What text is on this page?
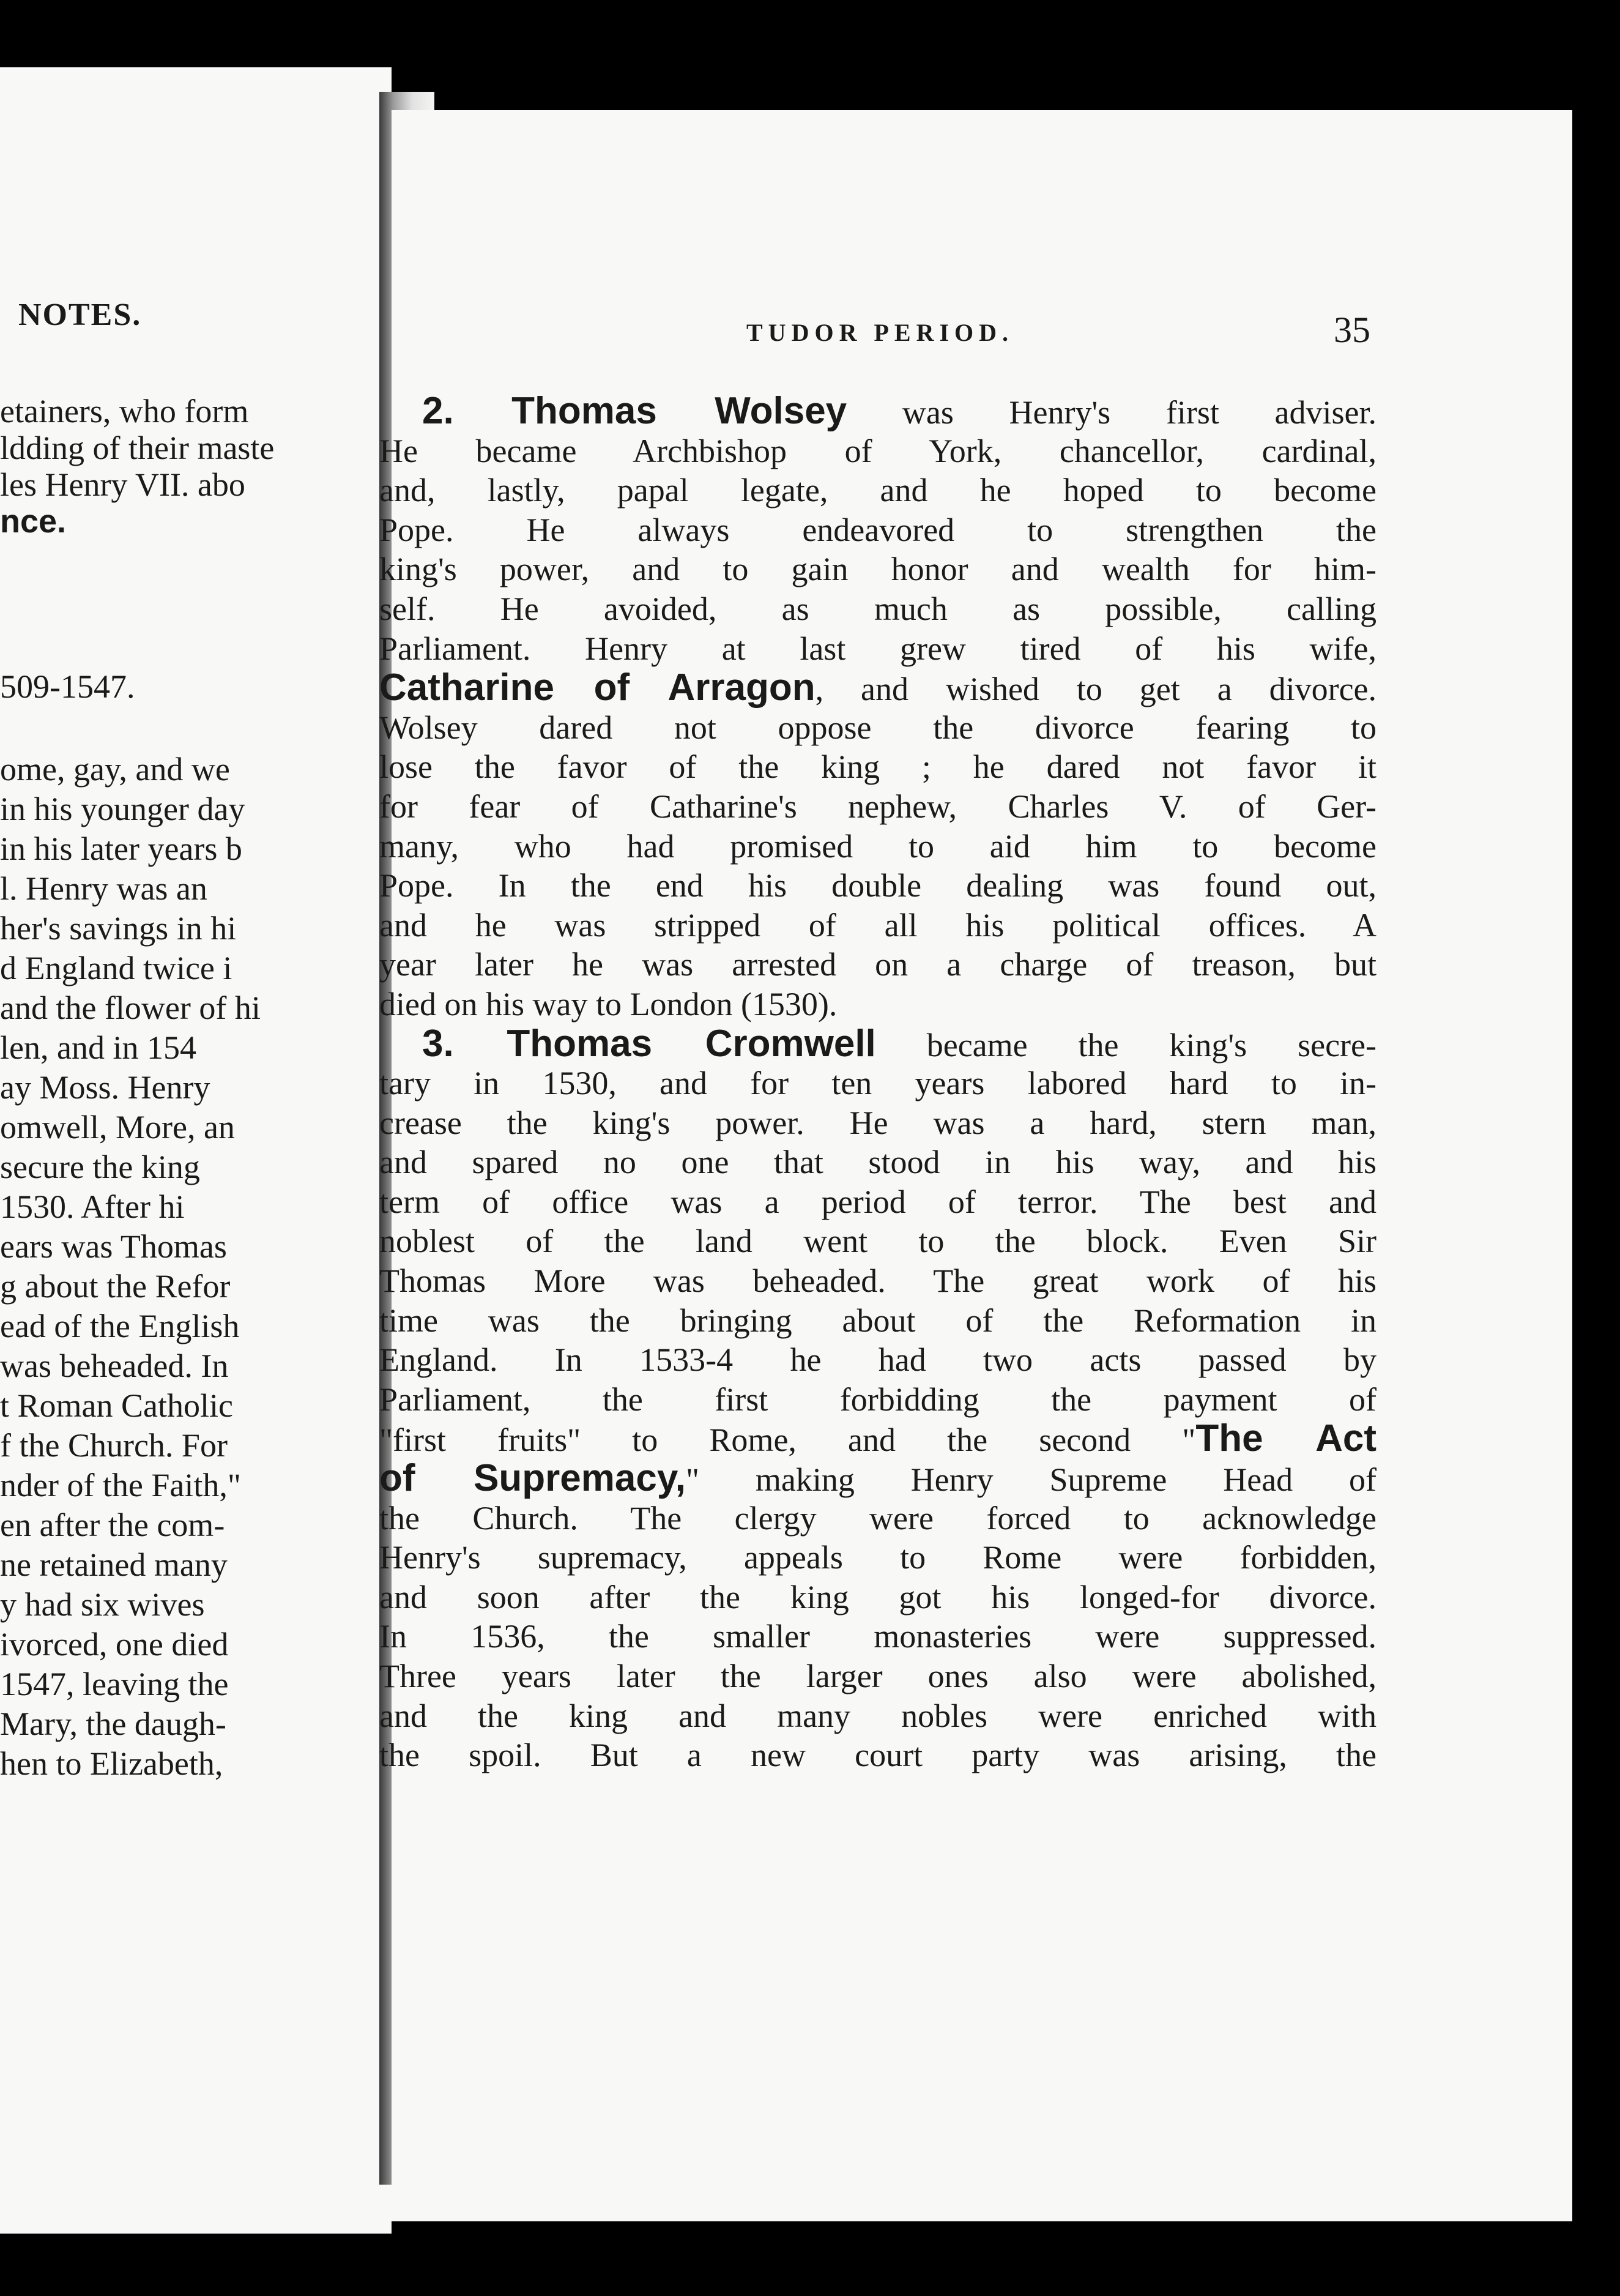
NOTES.
etainers, who form
ldding of their maste
les Henry VII. abo
nce.
509-1547.
ome, gay, and we
in his younger day
in his later years b
l. Henry was an
her's savings in hi
d England twice i
and the flower of hi
len, and in 154
ay Moss. Henry
omwell, More, an
secure the king
1530. After hi
ears was Thomas
g about the Refor
ead of the English
was beheaded. In
t Roman Catholic
f the Church. For
nder of the Faith,"
en after the com-
ne retained many
y had six wives
ivorced, one died
1547, leaving the
Mary, the daugh-
hen to Elizabeth,
TUDOR PERIOD.	35
2. Thomas Wolsey was Henry's first adviser.
He became Archbishop of York, chancellor, cardinal,
and, lastly, papal legate, and he hoped to become
Pope. He always endeavored to strengthen the
king's power, and to gain honor and wealth for him-
self. He avoided, as much as possible, calling
Parliament. Henry at last grew tired of his wife,
Catharine of Arragon, and wished to get a divorce.
Wolsey dared not oppose the divorce fearing to
lose the favor of the king ; he dared not favor it
for fear of Catharine's nephew, Charles V. of Ger-
many, who had promised to aid him to become
Pope. In the end his double dealing was found out,
and he was stripped of all his political offices. A
year later he was arrested on a charge of treason, but
died on his way to London (1530).
3. Thomas Cromwell became the king's secre-
tary in 1530, and for ten years labored hard to in-
crease the king's power. He was a hard, stern man,
and spared no one that stood in his way, and his
term of office was a period of terror. The best and
noblest of the land went to the block. Even Sir
Thomas More was beheaded. The great work of his
time was the bringing about of the Reformation in
England. In 1533-4 he had two acts passed by
Parliament, the first forbidding the payment of
"first fruits" to Rome, and the second "The Act
of Supremacy," making Henry Supreme Head of
the Church. The clergy were forced to acknowledge
Henry's supremacy, appeals to Rome were forbidden,
and soon after the king got his longed-for divorce.
In 1536, the smaller monasteries were suppressed.
Three years later the larger ones also were abolished,
and the king and many nobles were enriched with
the spoil. But a new court party was arising, the
